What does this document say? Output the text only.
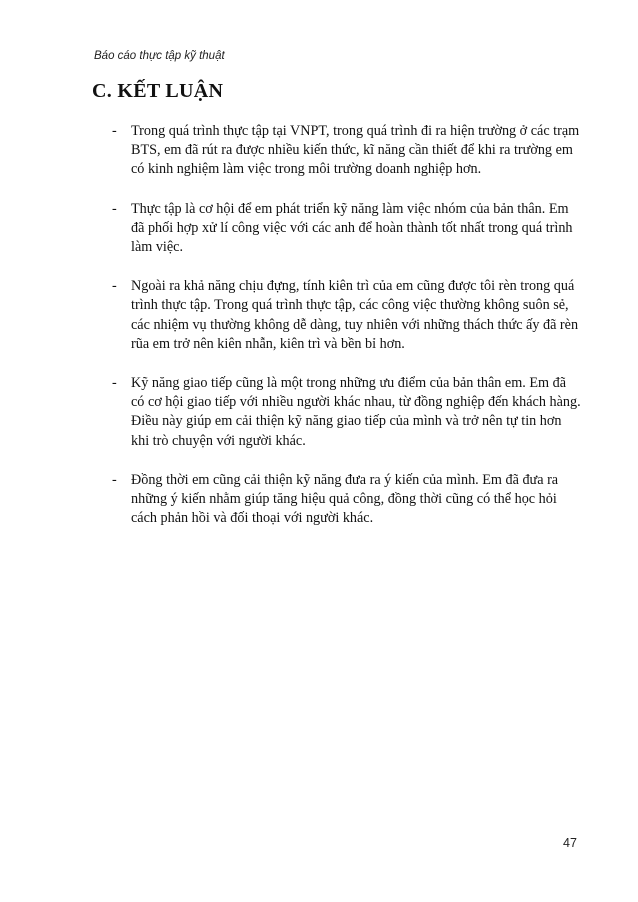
Báo cáo thực tập kỹ thuật
C. KẾT LUẬN
- Trong quá trình thực tập tại VNPT, trong quá trình đi ra hiện trường ở các trạm BTS, em đã rút ra được nhiều kiến thức, kĩ năng cần thiết để khi ra trường em có kinh nghiệm làm việc trong môi trường doanh nghiệp hơn.
- Thực tập là cơ hội để em phát triển kỹ năng làm việc nhóm của bản thân. Em đã phối hợp xử lí công việc với các anh để hoàn thành tốt nhất trong quá trình làm việc.
- Ngoài ra khả năng chịu đựng, tính kiên trì của em cũng được tôi rèn trong quá trình thực tập. Trong quá trình thực tập, các công việc thường không suôn sẻ, các nhiệm vụ thường không dễ dàng, tuy nhiên với những thách thức ấy đã rèn rũa em trở nên kiên nhẫn, kiên trì và bền bỉ hơn.
- Kỹ năng giao tiếp cũng là một trong những ưu điểm của bản thân em. Em đã có cơ hội giao tiếp với nhiều người khác nhau, từ đồng nghiệp đến khách hàng. Điều này giúp em cải thiện kỹ năng giao tiếp của mình và trở nên tự tin hơn khi trò chuyện với người khác.
- Đồng thời em cũng cải thiện kỹ năng đưa ra ý kiến của mình. Em đã đưa ra những ý kiến nhằm giúp tăng hiệu quả công, đồng thời cũng có thể học hỏi cách phản hồi và đối thoại với người khác.
47
